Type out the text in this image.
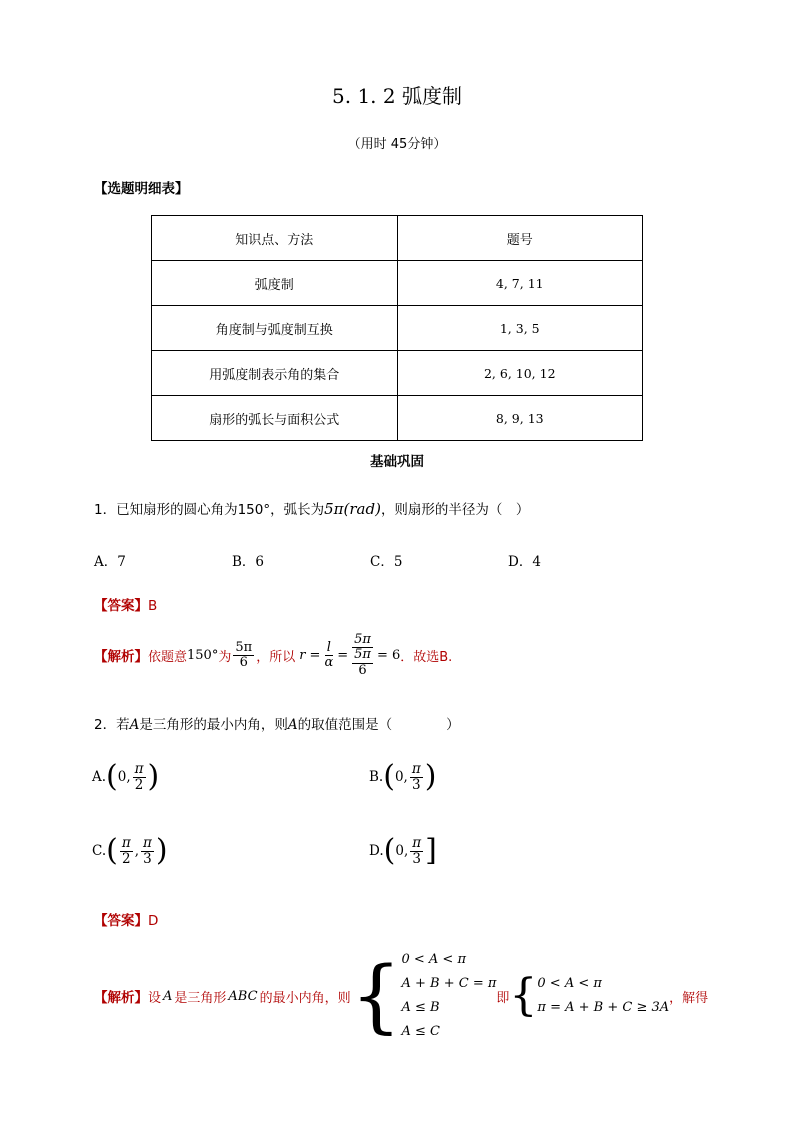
5. 1. 2 弧度制
（用时 45分钟）
【选题明细表】
知识点、方法	题号
弧度制	4, 7, 11
角度制与弧度制互换	1, 3, 5
用弧度制表示角的集合	2, 6, 10, 12
扇形的弧长与面积公式	8, 9, 13
基础巩固
1．已知扇形的圆心角为150°，弧长为5π(rad)，则扇形的半径为（　）
A．7	B．6	C．5	D．4
【答案】B
【解析】 依题意 150° 为 $\frac{5\pi}{6}$ ，所以 $r = \frac{l}{\alpha} = \frac{5\pi}{\frac{5\pi}{6}} = 6$ ．故选B.
2．若A是三角形的最小内角，则A的取值范围是（　　　　）
A. ( 0, $\frac{\pi}{2}$ )	B. ( 0, $\frac{\pi}{3}$ )
C. ( $\frac{\pi}{2}$ , $\frac{\pi}{3}$ )	D. ( 0, $\frac{\pi}{3}$ ]
【答案】D
【解析】 设 A 是三角形 ABC 的最小内角，则 { 0 < A < π
A + B + C = π
A ≤ B
A ≤ C
即 { 0 < A < π
π = A + B + C ≥ 3A
，解得
